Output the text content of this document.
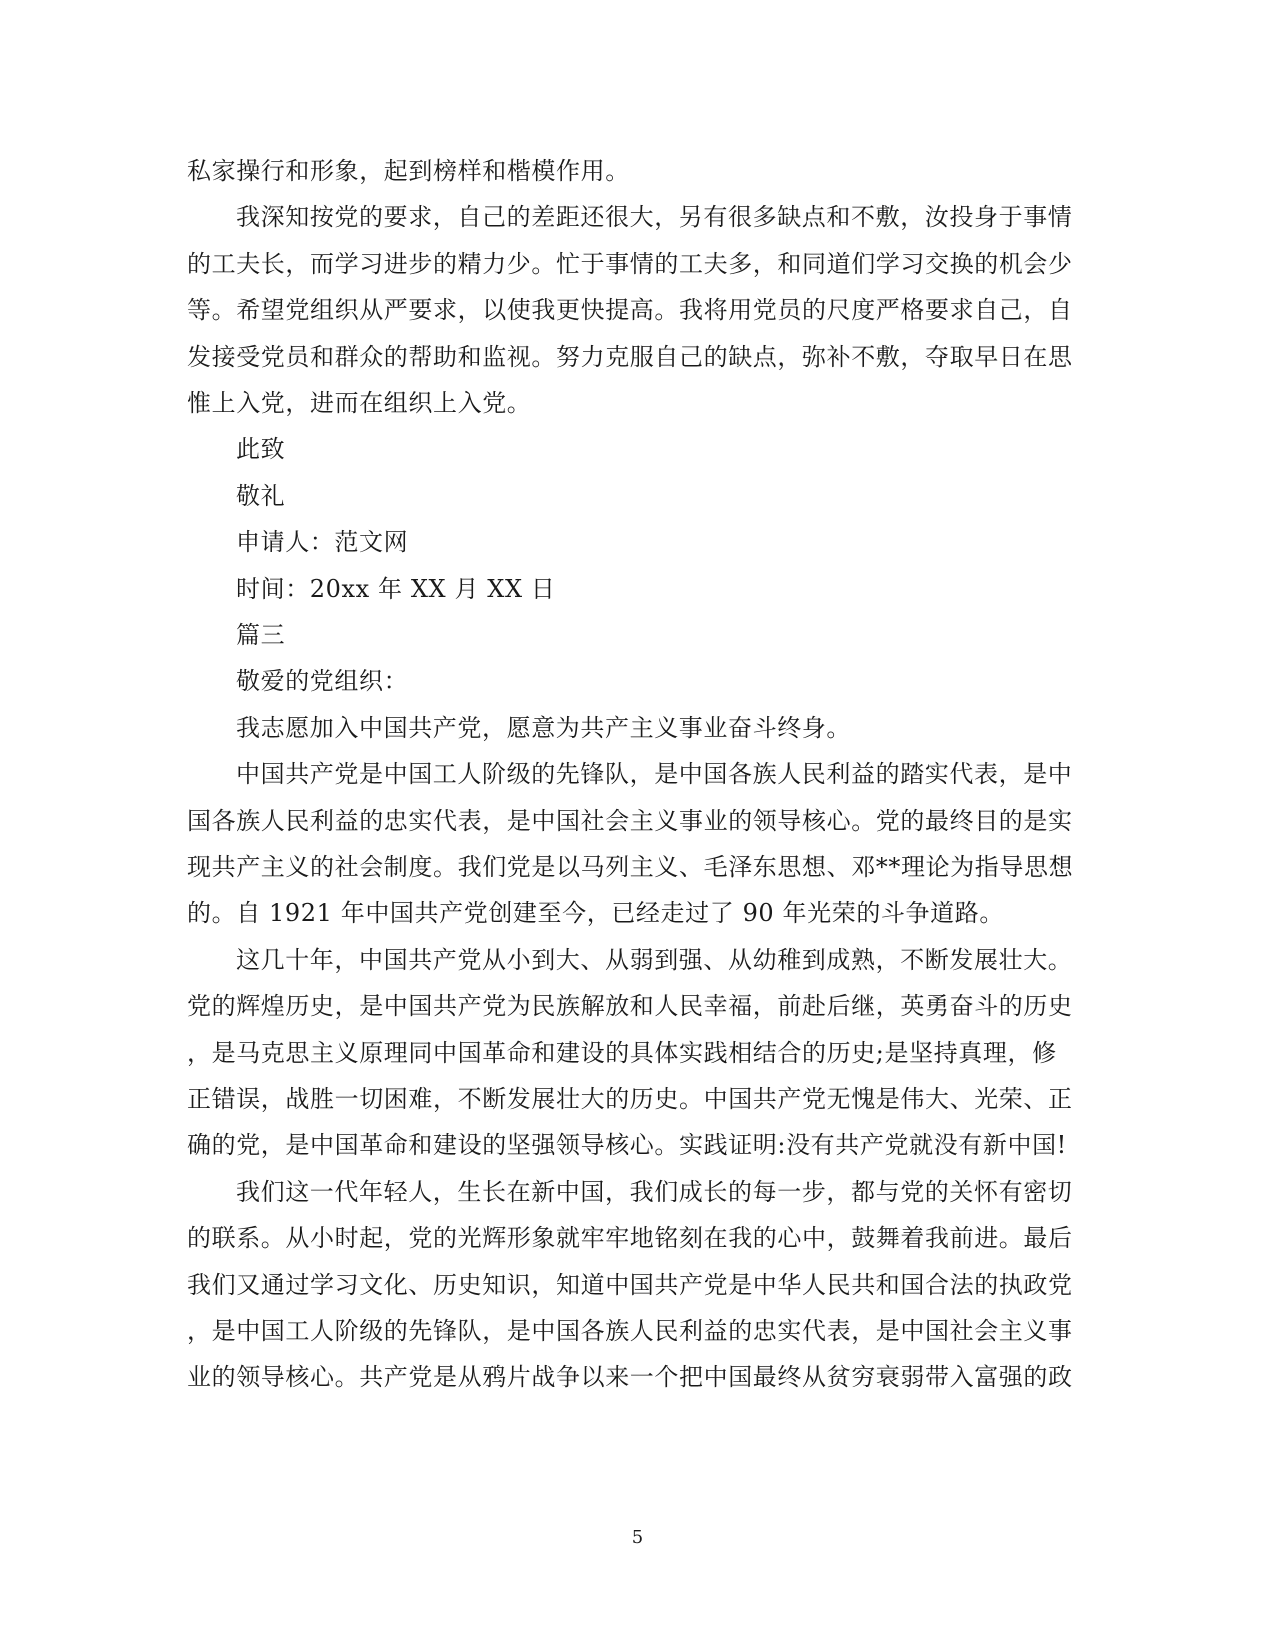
私家操行和形象，起到榜样和楷模作用。
我深知按党的要求，自己的差距还很大，另有很多缺点和不敷，汝投身于事情
的工夫长，而学习进步的精力少。忙于事情的工夫多，和同道们学习交换的机会少
等。希望党组织从严要求，以使我更快提高。我将用党员的尺度严格要求自己，自
发接受党员和群众的帮助和监视。努力克服自己的缺点，弥补不敷，夺取早日在思
惟上入党，进而在组织上入党。
此致
敬礼
申请人：范文网
时间：20xx 年 XX 月 XX 日
篇三
敬爱的党组织：
我志愿加入中国共产党，愿意为共产主义事业奋斗终身。
中国共产党是中国工人阶级的先锋队，是中国各族人民利益的踏实代表，是中
国各族人民利益的忠实代表，是中国社会主义事业的领导核心。党的最终目的是实
现共产主义的社会制度。我们党是以马列主义、毛泽东思想、邓**理论为指导思想
的。自 1921 年中国共产党创建至今，已经走过了 90 年光荣的斗争道路。
这几十年，中国共产党从小到大、从弱到强、从幼稚到成熟，不断发展壮大。
党的辉煌历史，是中国共产党为民族解放和人民幸福，前赴后继，英勇奋斗的历史
，是马克思主义原理同中国革命和建设的具体实践相结合的历史;是坚持真理，修
正错误，战胜一切困难，不断发展壮大的历史。中国共产党无愧是伟大、光荣、正
确的党，是中国革命和建设的坚强领导核心。实践证明:没有共产党就没有新中国!
我们这一代年轻人，生长在新中国，我们成长的每一步，都与党的关怀有密切
的联系。从小时起，党的光辉形象就牢牢地铭刻在我的心中，鼓舞着我前进。最后
我们又通过学习文化、历史知识，知道中国共产党是中华人民共和国合法的执政党
，是中国工人阶级的先锋队，是中国各族人民利益的忠实代表，是中国社会主义事
业的领导核心。共产党是从鸦片战争以来一个把中国最终从贫穷衰弱带入富强的政
5
